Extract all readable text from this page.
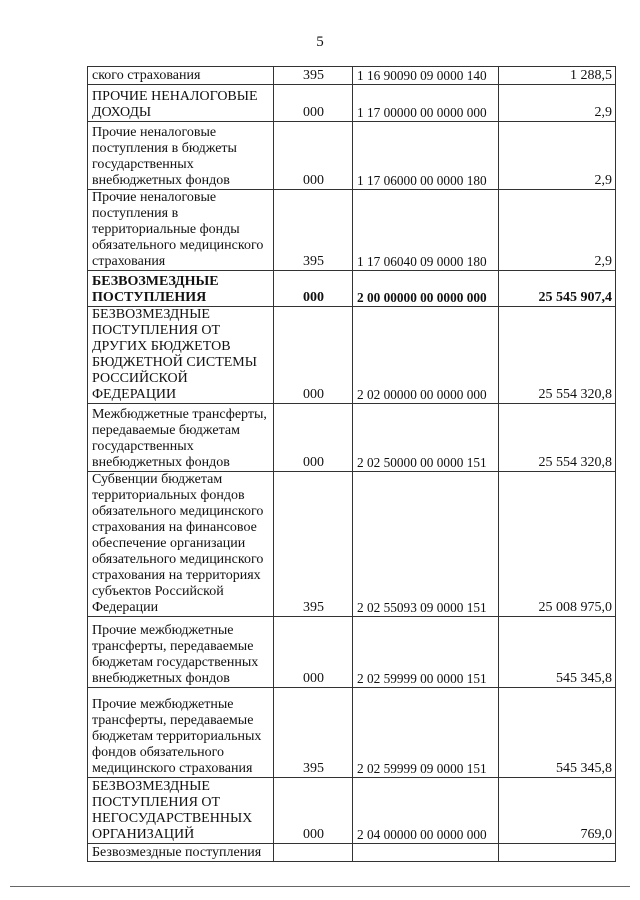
5
ского страхования	395	1 16 90090 09 0000 140	1 288,5
ПРОЧИЕ НЕНАЛОГОВЫЕ ДОХОДЫ	000	1 17 00000 00 0000 000	2,9
Прочие неналоговые поступления в бюджеты государственных внебюджетных фондов	000	1 17 06000 00 0000 180	2,9
Прочие неналоговые поступления в территориальные фонды обязательного медицинского страхования	395	1 17 06040 09 0000 180	2,9
БЕЗВОЗМЕЗДНЫЕ ПОСТУПЛЕНИЯ	000	2 00 00000 00 0000 000	25 545 907,4
БЕЗВОЗМЕЗДНЫЕ ПОСТУПЛЕНИЯ ОТ ДРУГИХ БЮДЖЕТОВ БЮДЖЕТНОЙ СИСТЕМЫ РОССИЙСКОЙ ФЕДЕРАЦИИ	000	2 02 00000 00 0000 000	25 554 320,8
Межбюджетные трансферты, передаваемые бюджетам государственных внебюджетных фондов	000	2 02 50000 00 0000 151	25 554 320,8
Субвенции бюджетам территориальных фондов обязательного медицинского страхования на финансовое обеспечение организации обязательного медицинского страхования на территориях субъектов Российской Федерации	395	2 02 55093 09 0000 151	25 008 975,0
Прочие межбюджетные трансферты, передаваемые бюджетам государственных внебюджетных фондов	000	2 02 59999 00 0000 151	545 345,8
Прочие межбюджетные трансферты, передаваемые бюджетам территориальных фондов обязательного медицинского страхования	395	2 02 59999 09 0000 151	545 345,8
БЕЗВОЗМЕЗДНЫЕ ПОСТУПЛЕНИЯ ОТ НЕГОСУДАРСТВЕННЫХ ОРГАНИЗАЦИЙ	000	2 04 00000 00 0000 000	769,0
Безвозмездные поступления			
